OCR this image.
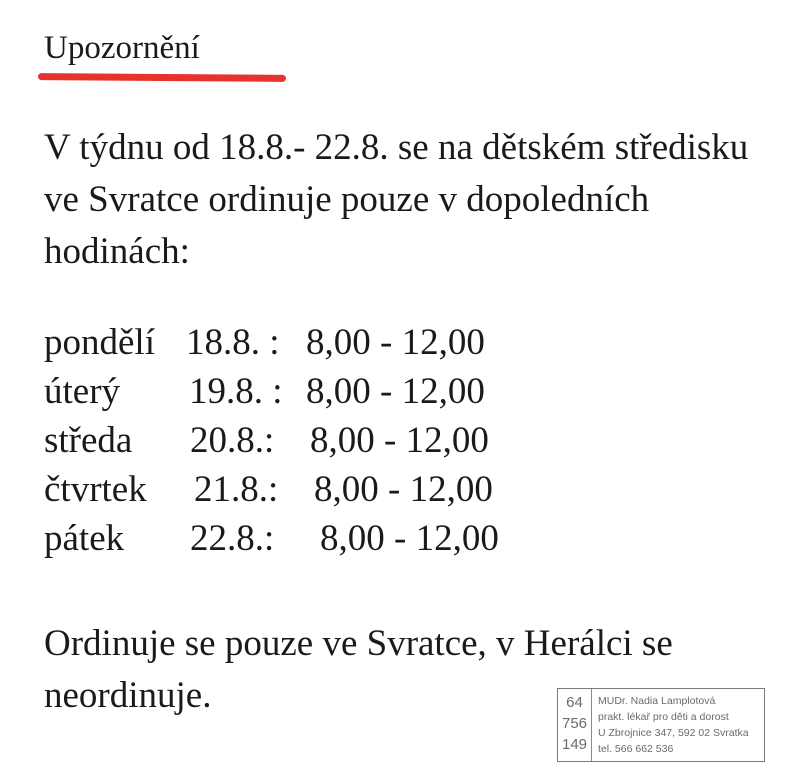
Upozornění

V týdnu od 18.8.- 22.8. se na dětském středisku ve Svratce ordinuje pouze v dopoledních hodinách:

pondělí

18.8. :

8,00 - 12,00

úterý

19.8. :

8,00 - 12,00

středa

20.8.:

8,00 - 12,00

čtvrtek

21.8.:

8,00 - 12,00

pátek

22.8.:

8,00 - 12,00

Ordinuje se pouze ve Svratce, v Herálci se neordinuje.	64
756
149
MUDr. Nadia Lamplotová
prakt. lékař pro děti a dorost
U Zbrojnice 347, 592 02 Svratka
tel. 566 662 536
